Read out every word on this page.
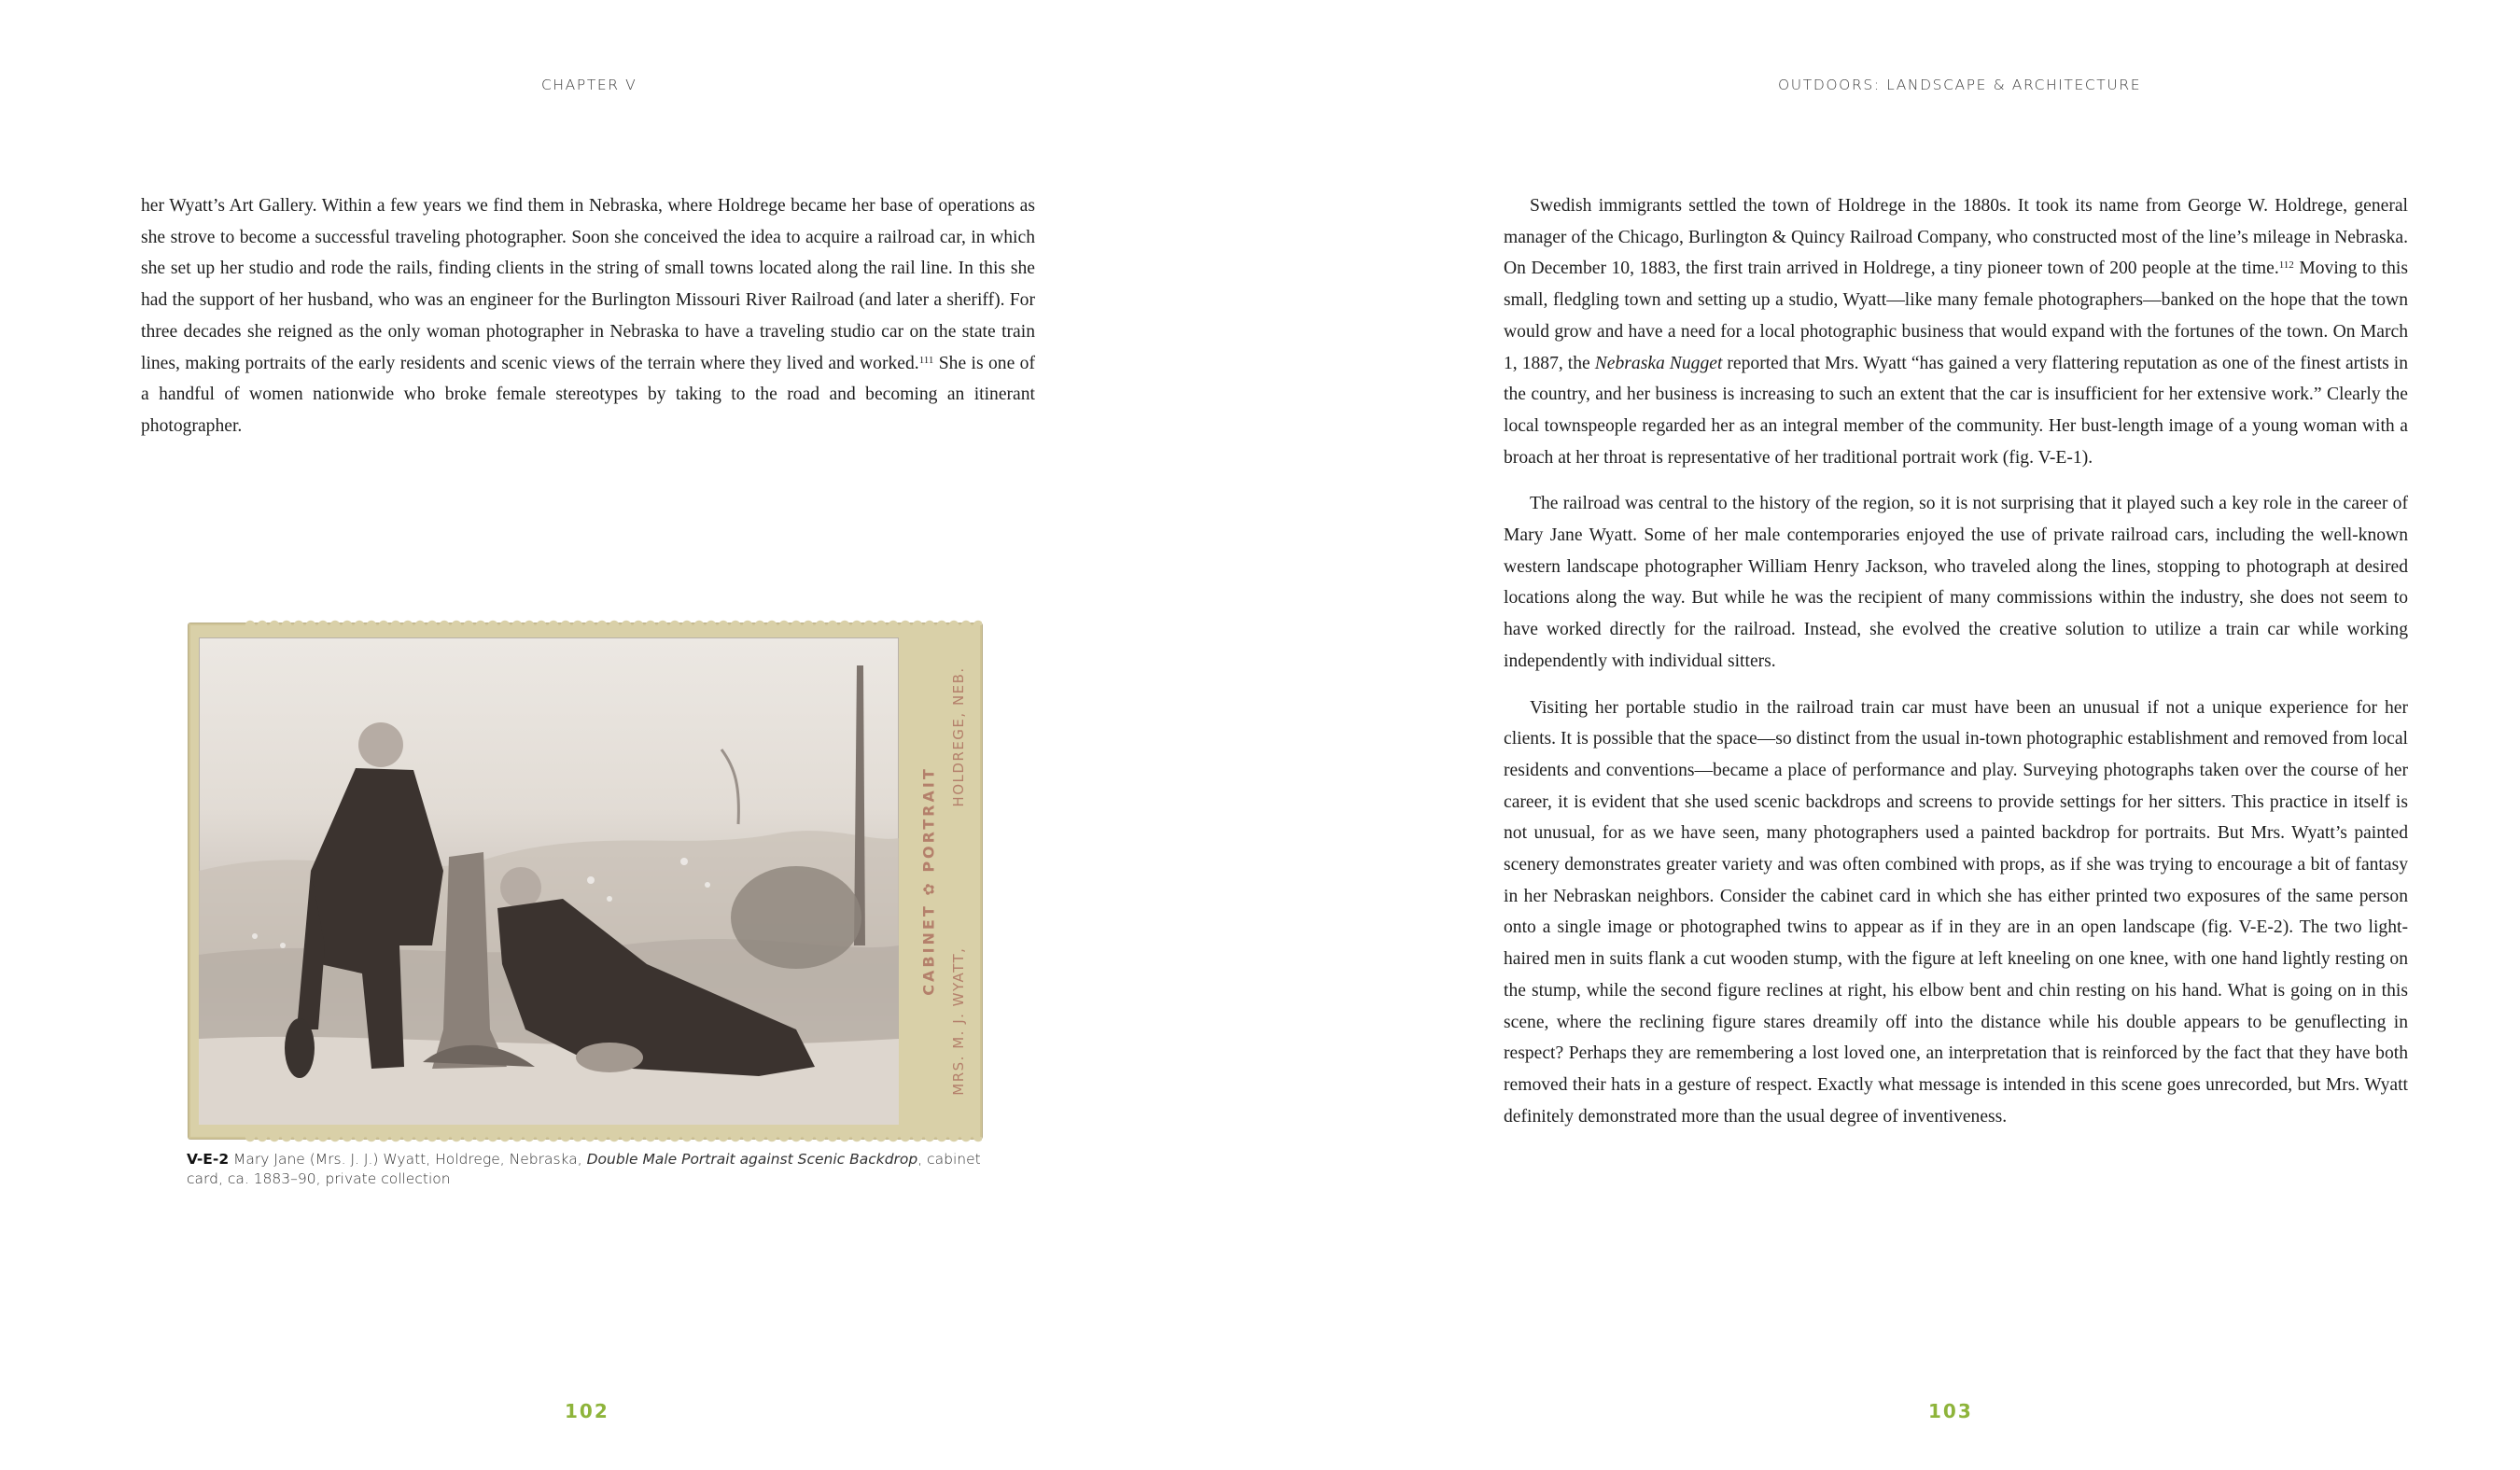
CHAPTER V

her Wyatt’s Art Gallery. Within a few years we find them in Nebraska, where Holdrege became her base of operations as she strove to become a successful traveling photographer. Soon she conceived the idea to acquire a railroad car, in which she set up her studio and rode the rails, finding clients in the string of small towns located along the rail line. In this she had the support of her husband, who was an engineer for the Burlington Missouri River Railroad (and later a sheriff). For three decades she reigned as the only woman photographer in Nebraska to have a traveling studio car on the state train lines, making portraits of the early residents and scenic views of the terrain where they lived and worked.$^{111}$ She is one of a handful of women nationwide who broke female stereotypes by taking to the road and becoming an itinerant photographer.

CABINET ✿ PORTRAIT
MRS. M. J. WYATT,HOLDREGE, NEB.
V-E-2 Mary Jane (Mrs. J. J.) Wyatt, Holdrege, Nebraska, Double Male Portrait against Scenic Backdrop, cabinet card, ca. 1883–90, private collection
102
OUTDOORS: LANDSCAPE & ARCHITECTURE

Swedish immigrants settled the town of Holdrege in the 1880s. It took its name from George W. Holdrege, general manager of the Chicago, Burlington & Quincy Railroad Company, who constructed most of the line’s mileage in Nebraska. On December 10, 1883, the first train arrived in Holdrege, a tiny pioneer town of 200 people at the time.$^{112}$ Moving to this small, fledgling town and setting up a studio, Wyatt—like many female photographers—banked on the hope that the town would grow and have a need for a local photographic business that would expand with the fortunes of the town. On March 1, 1887, the Nebraska Nugget reported that Mrs. Wyatt “has gained a very flattering reputation as one of the finest artists in the country, and her business is increasing to such an extent that the car is insufficient for her extensive work.” Clearly the local townspeople regarded her as an integral member of the community. Her bust-length image of a young woman with a broach at her throat is representative of her traditional portrait work (fig. V-E-1).

The railroad was central to the history of the region, so it is not surprising that it played such a key role in the career of Mary Jane Wyatt. Some of her male contemporaries enjoyed the use of private railroad cars, including the well-known western landscape photographer William Henry Jackson, who traveled along the lines, stopping to photograph at desired locations along the way. But while he was the recipient of many commissions within the industry, she does not seem to have worked directly for the railroad. Instead, she evolved the creative solution to utilize a train car while working independently with individual sitters.

Visiting her portable studio in the railroad train car must have been an unusual if not a unique experience for her clients. It is possible that the space—so distinct from the usual in-town photographic establishment and removed from local residents and conventions—became a place of performance and play. Surveying photographs taken over the course of her career, it is evident that she used scenic backdrops and screens to provide settings for her sitters. This practice in itself is not unusual, for as we have seen, many photographers used a painted backdrop for portraits. But Mrs. Wyatt’s painted scenery demonstrates greater variety and was often combined with props, as if she was trying to encourage a bit of fantasy in her Nebraskan neighbors. Consider the cabinet card in which she has either printed two exposures of the same person onto a single image or photographed twins to appear as if in they are in an open landscape (fig. V-E-2). The two light-haired men in suits flank a cut wooden stump, with the figure at left kneeling on one knee, with one hand lightly resting on the stump, while the second figure reclines at right, his elbow bent and chin resting on his hand. What is going on in this scene, where the reclining figure stares dreamily off into the distance while his double appears to be genuflecting in respect? Perhaps they are remembering a lost loved one, an interpretation that is reinforced by the fact that they have both removed their hats in a gesture of respect. Exactly what message is intended in this scene goes unrecorded, but Mrs. Wyatt definitely demonstrated more than the usual degree of inventiveness.

103
